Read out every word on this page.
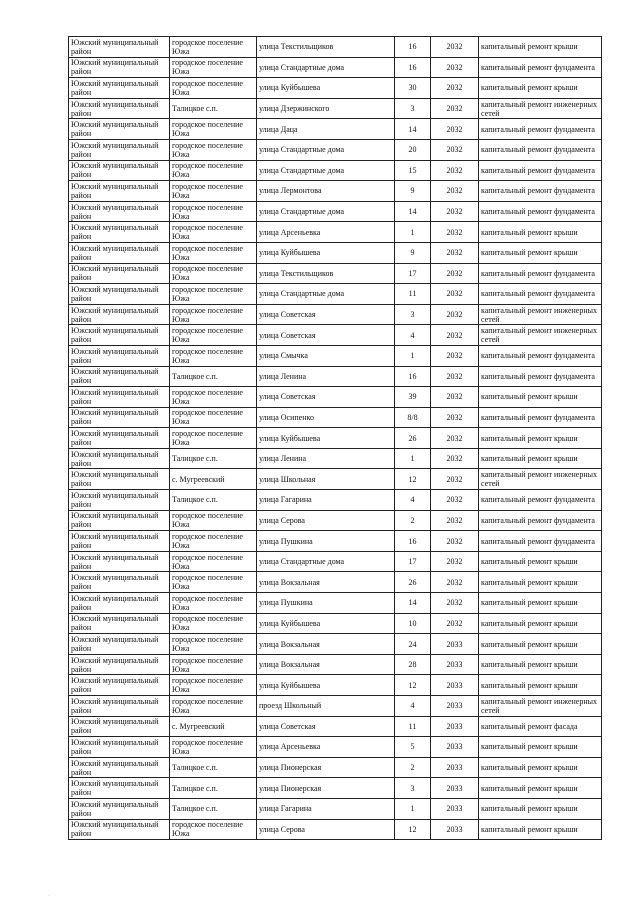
Южский муниципальный район	городское поселение Южа	улица Текстильщиков	16	2032	капитальный ремонт крыши
Южский муниципальный район	городское поселение Южа	улица Стандартные дома	16	2032	капитальный ремонт фундамента
Южский муниципальный район	городское поселение Южа	улица Куйбышева	30	2032	капитальный ремонт крыши
Южский муниципальный район	Талицкое с.п.	улица Дзержинского	3	2032	капитальный ремонт инженерных сетей
Южский муниципальный район	городское поселение Южа	улица Даца	14	2032	капитальный ремонт фундамента
Южский муниципальный район	городское поселение Южа	улица Стандартные дома	20	2032	капитальный ремонт фундамента
Южский муниципальный район	городское поселение Южа	улица Стандартные дома	15	2032	капитальный ремонт фундамента
Южский муниципальный район	городское поселение Южа	улица Лермонтова	9	2032	капитальный ремонт фундамента
Южский муниципальный район	городское поселение Южа	улица Стандартные дома	14	2032	капитальный ремонт фундамента
Южский муниципальный район	городское поселение Южа	улица Арсеньевка	1	2032	капитальный ремонт крыши
Южский муниципальный район	городское поселение Южа	улица Куйбышева	9	2032	капитальный ремонт крыши
Южский муниципальный район	городское поселение Южа	улица Текстильщиков	17	2032	капитальный ремонт фундамента
Южский муниципальный район	городское поселение Южа	улица Стандартные дома	11	2032	капитальный ремонт фундамента
Южский муниципальный район	городское поселение Южа	улица Советская	3	2032	капитальный ремонт инженерных сетей
Южский муниципальный район	городское поселение Южа	улица Советская	4	2032	капитальный ремонт инженерных сетей
Южский муниципальный район	городское поселение Южа	улица Смычка	1	2032	капитальный ремонт фундамента
Южский муниципальный район	Талицкое с.п.	улица Ленина	16	2032	капитальный ремонт фундамента
Южский муниципальный район	городское поселение Южа	улица Советская	39	2032	капитальный ремонт крыши
Южский муниципальный район	городское поселение Южа	улица Осипенко	8/8	2032	капитальный ремонт фундамента
Южский муниципальный район	городское поселение Южа	улица Куйбышева	26	2032	капитальный ремонт крыши
Южский муниципальный район	Талицкое с.п.	улица Ленина	1	2032	капитальный ремонт крыши
Южский муниципальный район	с. Мугреевский	улица Школьная	12	2032	капитальный ремонт инженерных сетей
Южский муниципальный район	Талицкое с.п.	улица Гагарина	4	2032	капитальный ремонт фундамента
Южский муниципальный район	городское поселение Южа	улица Серова	2	2032	капитальный ремонт фундамента
Южский муниципальный район	городское поселение Южа	улица Пушкина	16	2032	капитальный ремонт фундамента
Южский муниципальный район	городское поселение Южа	улица Стандартные дома	17	2032	капитальный ремонт крыши
Южский муниципальный район	городское поселение Южа	улица Вокзальная	26	2032	капитальный ремонт крыши
Южский муниципальный район	городское поселение Южа	улица Пушкина	14	2032	капитальный ремонт крыши
Южский муниципальный район	городское поселение Южа	улица Куйбышева	10	2032	капитальный ремонт крыши
Южский муниципальный район	городское поселение Южа	улица Вокзальная	24	2033	капитальный ремонт крыши
Южский муниципальный район	городское поселение Южа	улица Вокзальная	28	2033	капитальный ремонт крыши
Южский муниципальный район	городское поселение Южа	улица Куйбышева	12	2033	капитальный ремонт крыши
Южский муниципальный район	городское поселение Южа	проезд Школьный	4	2033	капитальный ремонт инженерных сетей
Южский муниципальный район	с. Мугреевский	улица Советская	11	2033	капитальный ремонт фасада
Южский муниципальный район	городское поселение Южа	улица Арсеньевка	5	2033	капитальный ремонт крыши
Южский муниципальный район	Талицкое с.п.	улица Пионерская	2	2033	капитальный ремонт крыши
Южский муниципальный район	Талицкое с.п.	улица Пионерская	3	2033	капитальный ремонт крыши
Южский муниципальный район	Талицкое с.п.	улица Гагарина	1	2033	капитальный ремонт крыши
Южский муниципальный район	городское поселение Южа	улица Серова	12	2033	капитальный ремонт крыши
·
